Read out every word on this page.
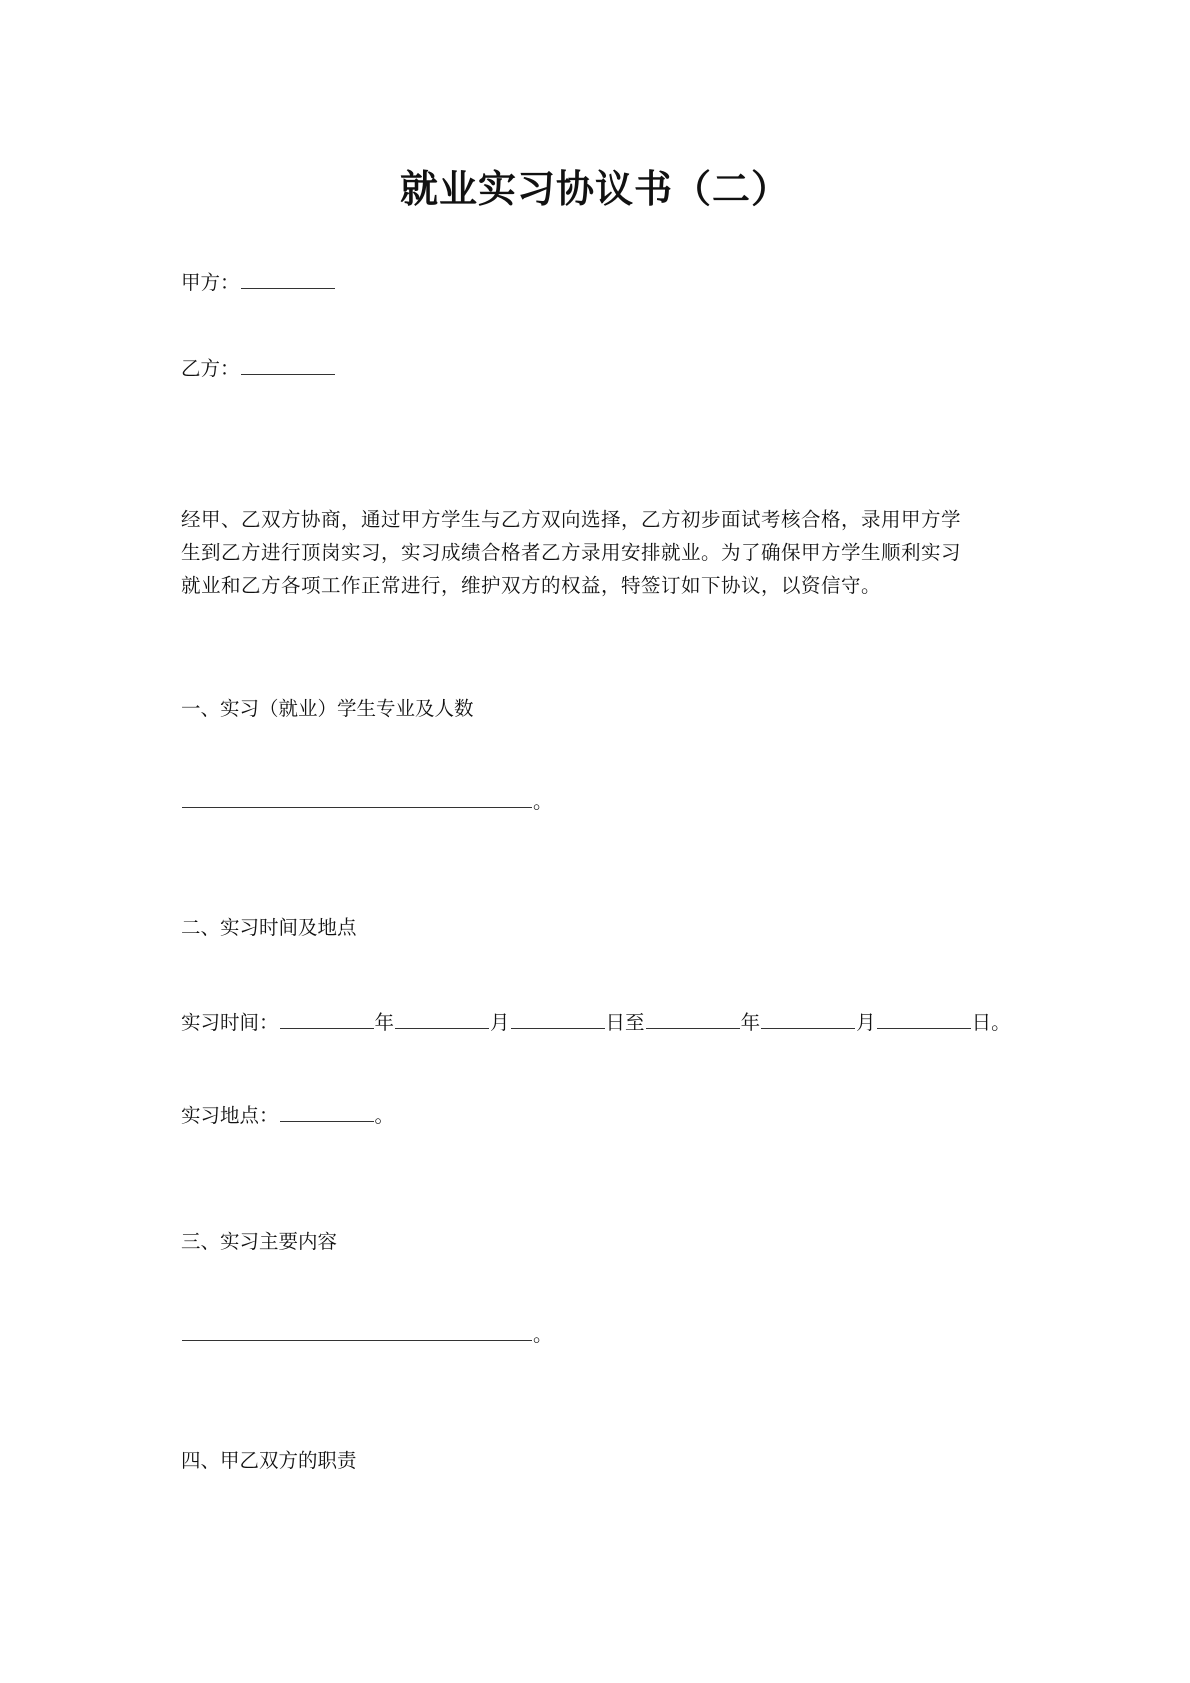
就业实习协议书（二）
甲方：
乙方：
经甲、乙双方协商，通过甲方学生与乙方双向选择，乙方初步面试考核合格，录用甲方学
生到乙方进行顶岗实习，实习成绩合格者乙方录用安排就业。为了确保甲方学生顺利实习
就业和乙方各项工作正常进行，维护双方的权益，特签订如下协议，以资信守。
一、实习（就业）学生专业及人数
。
二、实习时间及地点
实习时间：	年	月	日至	年	月	日。
实习地点：	。
三、实习主要内容
。
四、甲乙双方的职责
